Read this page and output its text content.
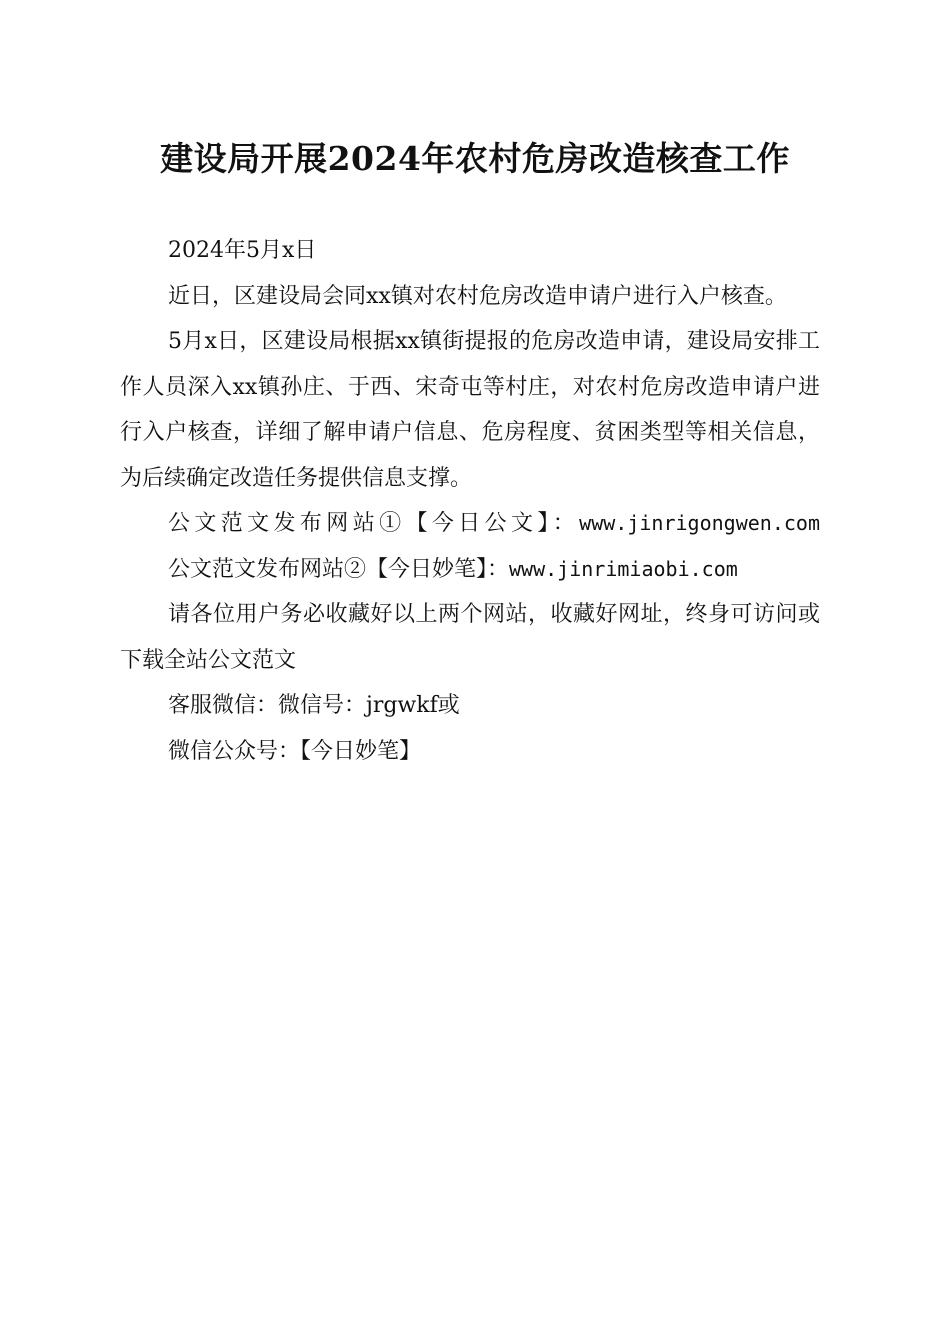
建设局开展2024年农村危房改造核查工作

2024年5月x日

近日，区建设局会同xx镇对农村危房改造申请户进行入户核查。

5月x日，区建设局根据xx镇街提报的危房改造申请，建设局安排工作人员深入xx镇孙庄、于西、宋奇屯等村庄，对农村危房改造申请户进行入户核查，详细了解申请户信息、危房程度、贫困类型等相关信息，为后续确定改造任务提供信息支撑。

公文范文发布网站①【今日公文】：www.jinrigongwen.com

公文范文发布网站②【今日妙笔】：www.jinrimiaobi.com

请各位用户务必收藏好以上两个网站，收藏好网址，终身可访问或下载全站公文范文

客服微信：微信号：jrgwkf或

微信公众号：【今日妙笔】
